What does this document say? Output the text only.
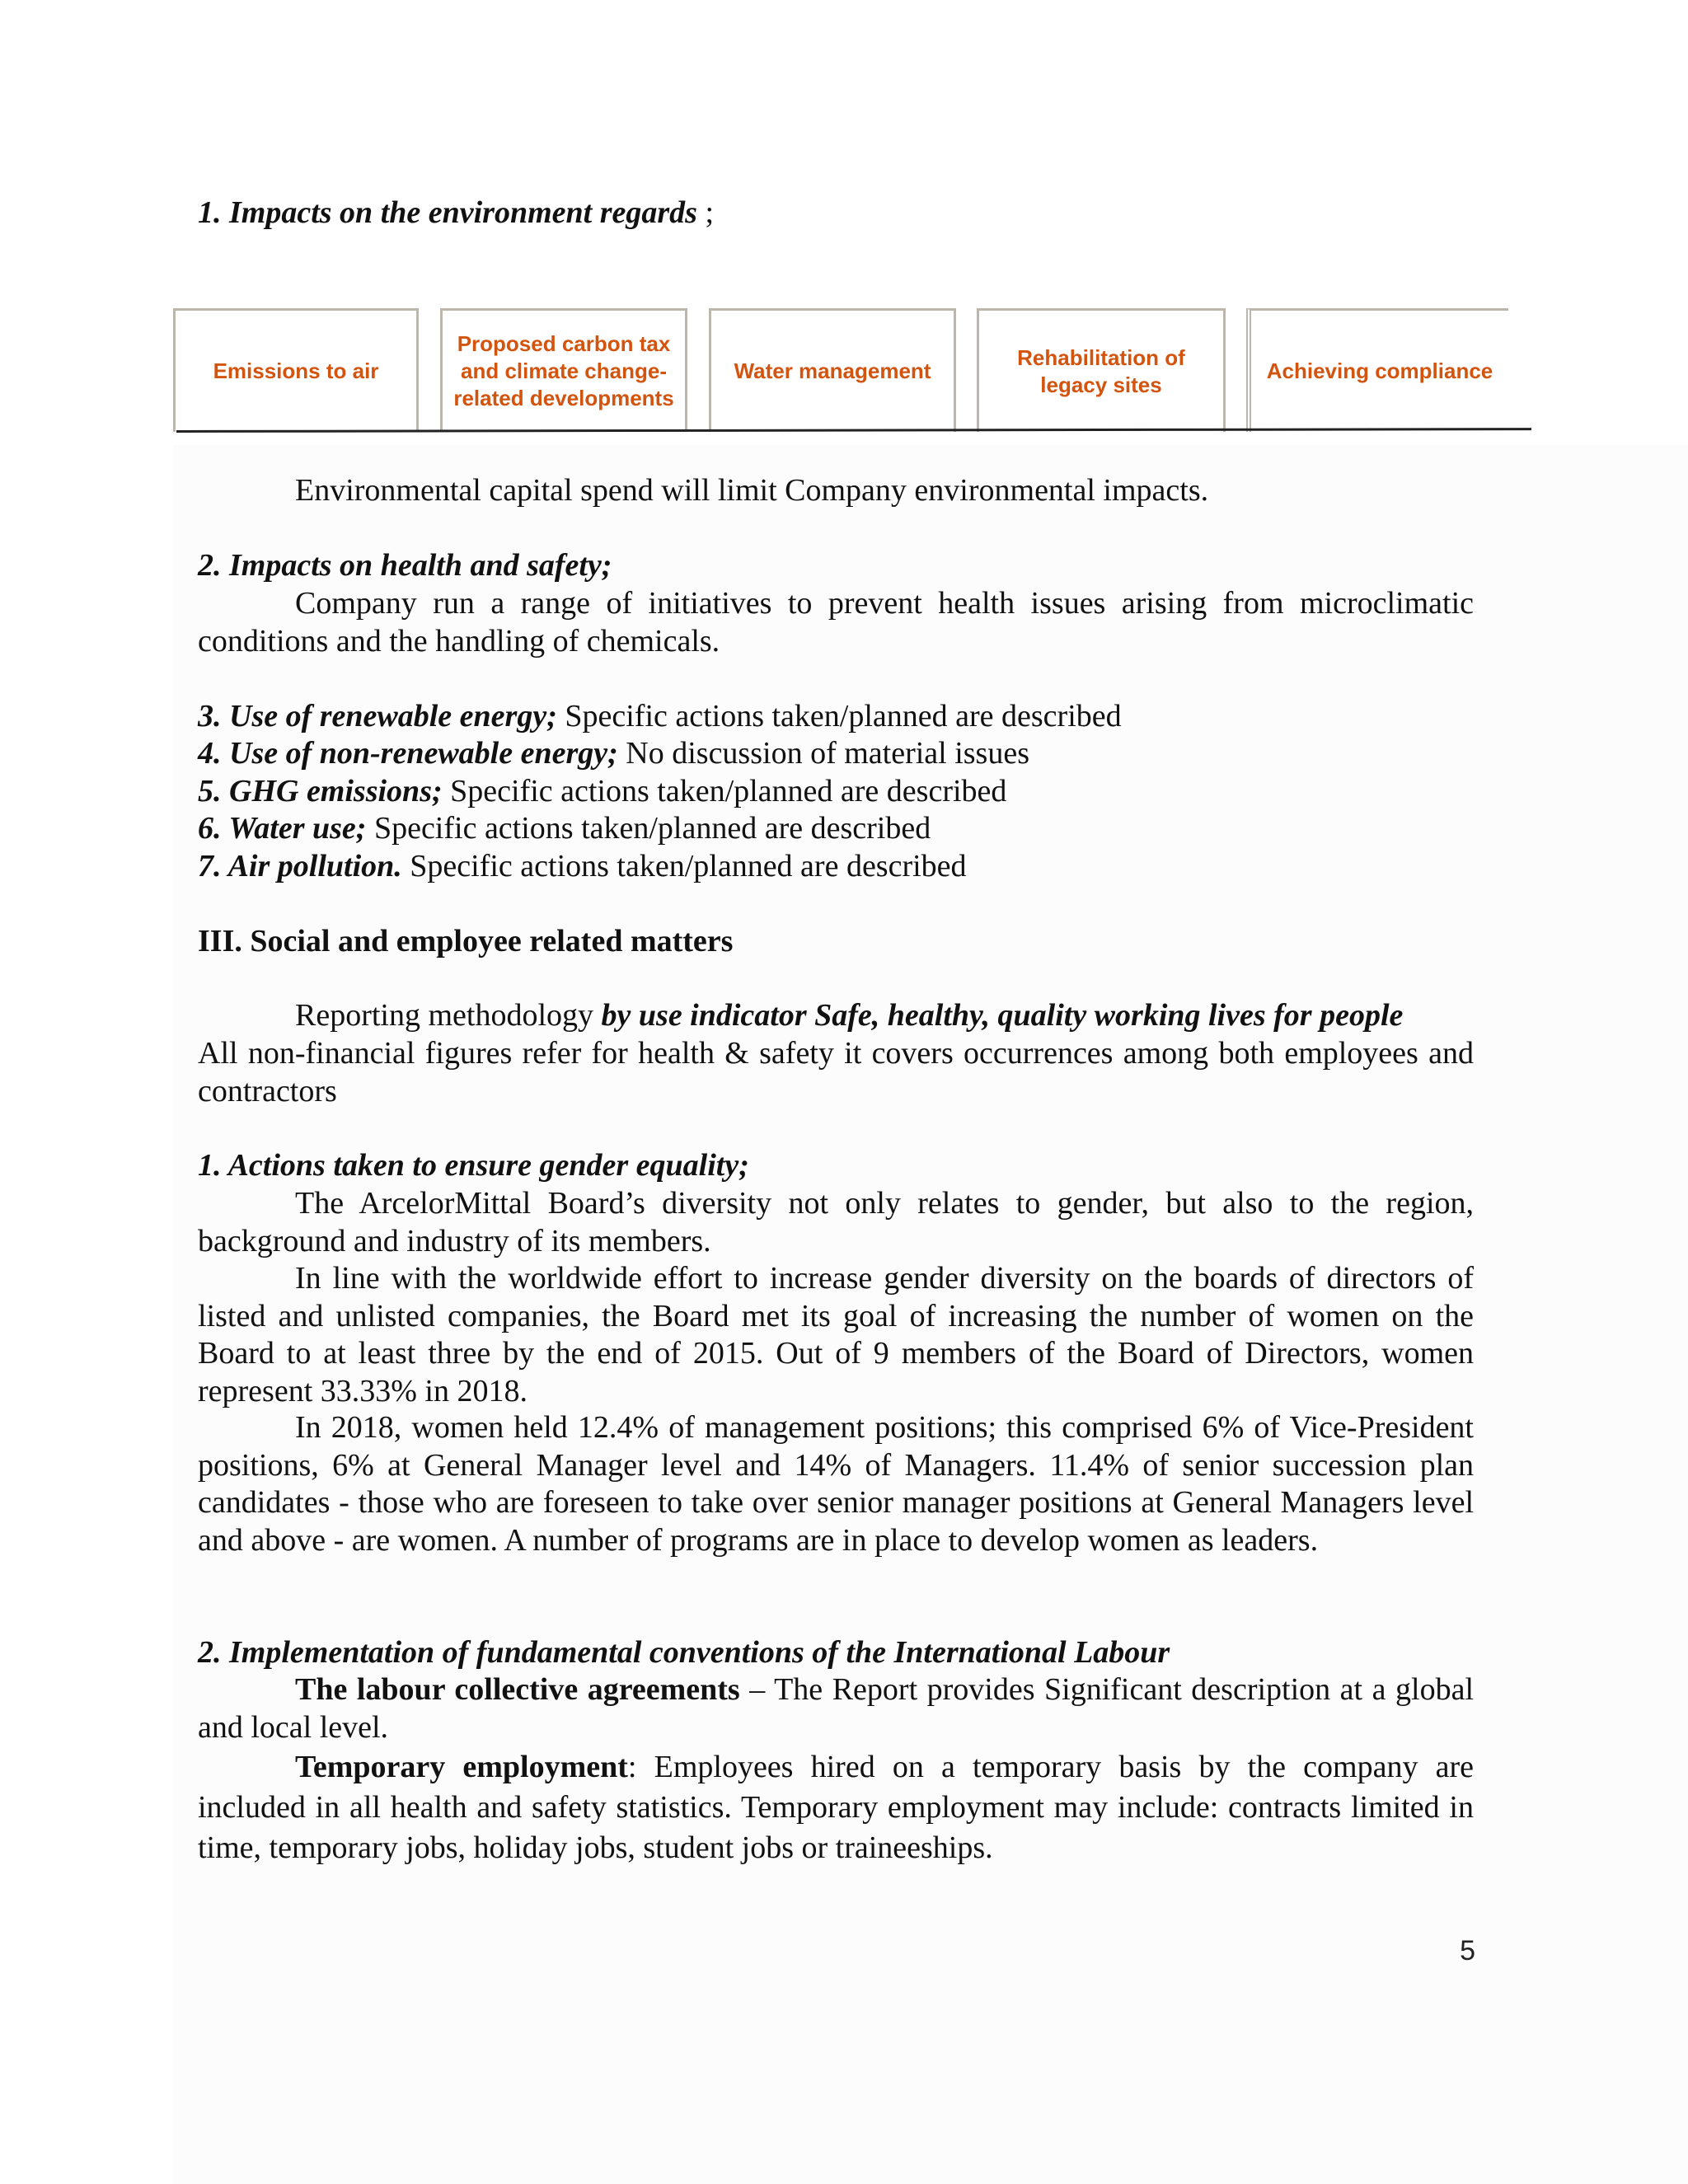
1. Impacts on the environment regards ;

Emissions to air
Proposed carbon tax and climate change-related developments
Water management
Rehabilitation of legacy sites
Achieving compliance

Environmental capital spend will limit Company environmental impacts.

2. Impacts on health and safety;

Company run a range of initiatives to prevent health issues arising from microclimatic conditions and the handling of chemicals.

3. Use of renewable energy; Specific actions taken/planned are described

4. Use of non-renewable energy; No discussion of material issues

5. GHG emissions; Specific actions taken/planned are described

6. Water use; Specific actions taken/planned are described

7. Air pollution. Specific actions taken/planned are described

III. Social and employee related matters

Reporting methodology by use indicator Safe, healthy, quality working lives for people

All non-financial figures refer for health & safety it covers occurrences among both employees and contractors

1. Actions taken to ensure gender equality;

The ArcelorMittal Board’s diversity not only relates to gender, but also to the region, background and industry of its members.

In line with the worldwide effort to increase gender diversity on the boards of directors of listed and unlisted companies, the Board met its goal of increasing the number of women on the Board to at least three by the end of 2015. Out of 9 members of the Board of Directors, women represent 33.33% in 2018.

In 2018, women held 12.4% of management positions; this comprised 6% of Vice-President positions, 6% at General Manager level and 14% of Managers. 11.4% of senior succession plan candidates - those who are foreseen to take over senior manager positions at General Managers level and above - are women. A number of programs are in place to develop women as leaders.

2. Implementation of fundamental conventions of the International Labour

The labour collective agreements – The Report provides Significant description at a global and local level.

Temporary employment: Employees hired on a temporary basis by the company are included in all health and safety statistics. Temporary employment may include: contracts limited in time, temporary jobs, holiday jobs, student jobs or traineeships.

5
